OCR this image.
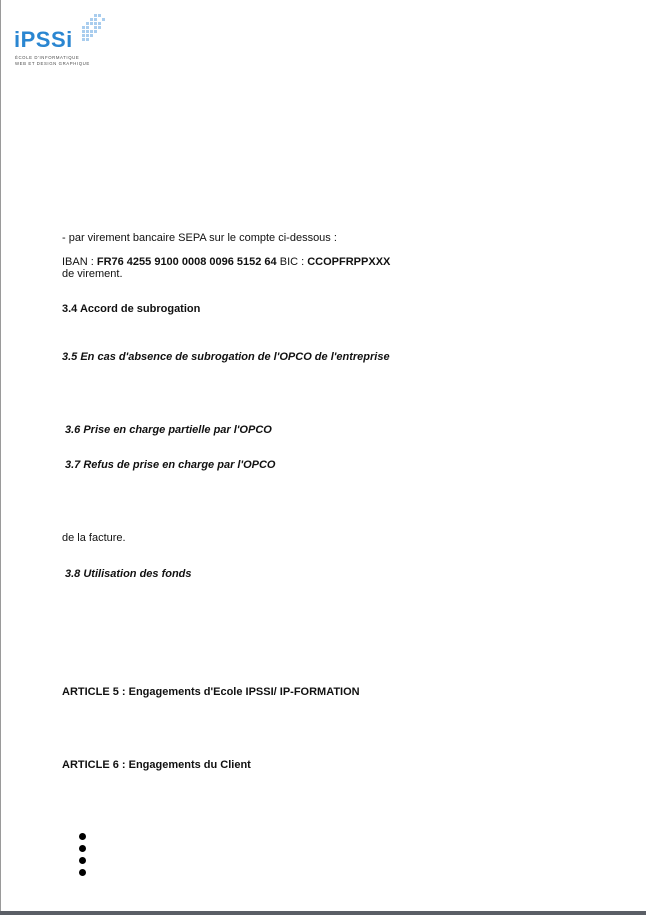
iPSSi
ÉCOLE D'INFORMATIQUE
WEB ET DESIGN GRAPHIQUE
- par virement bancaire SEPA sur le compte ci-dessous :
IBAN : FR76 4255 9100 0008 0096 5152 64 BIC : CCOPFRPPXXX
de virement.
3.4 Accord de subrogation
3.5 En cas d'absence de subrogation de l'OPCO de l'entreprise
3.6 Prise en charge partielle par l'OPCO
3.7 Refus de prise en charge par l'OPCO
de la facture.
3.8 Utilisation des fonds
ARTICLE 5 : Engagements d'Ecole IPSSI/ IP-FORMATION
ARTICLE 6 : Engagements du Client
